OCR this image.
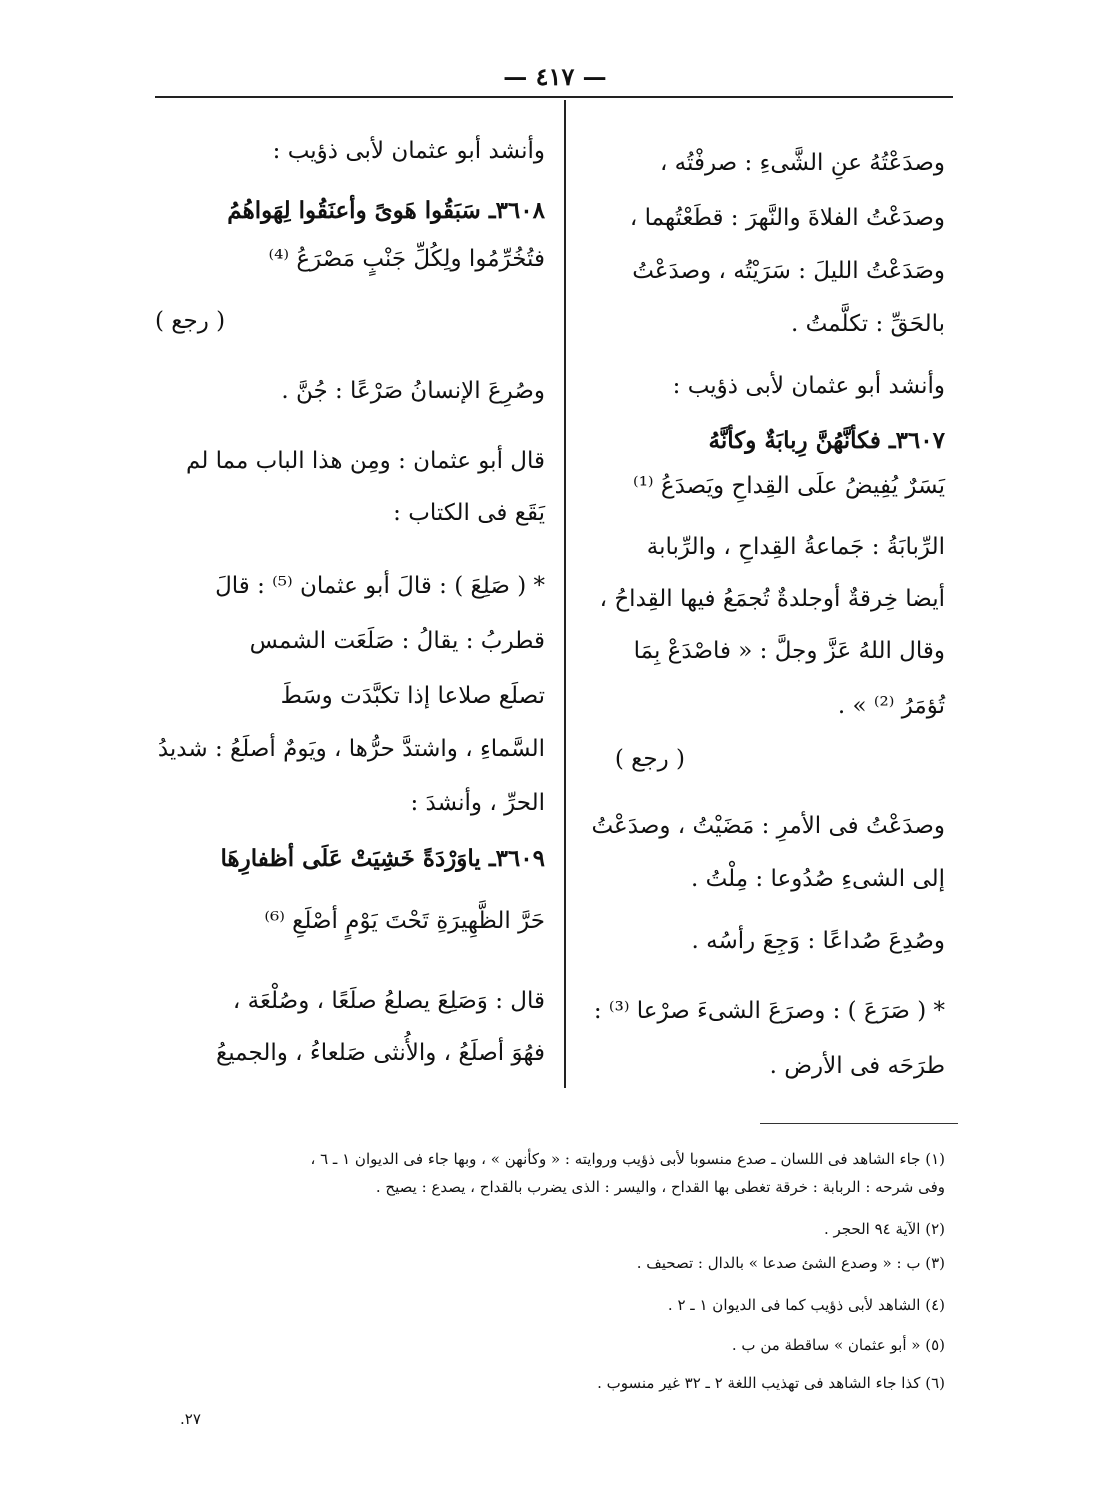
— ٤١٧ —
وصدَعْتُهُ عنِ الشَّىءِ : صرفْتُه ،
وصدَعْتُ الفلاةَ والنَّهرَ : قطَعْتُهما ،
وصَدَعْتُ الليلَ : سَرَيْتُه ، وصدَعْتُ
بالحَقِّ : تكلَّمتُ .
وأنشد أبو عثمان لأبى ذؤيب :
٣٦٠٧ـ فكأنَّهُنَّ رِبابَةٌ وكأنَّهُ
يَسَرٌ يُفِيضُ علَى القِداحِ ويَصدَعُ ⁽¹⁾
الرِّبابَةُ : جَماعةُ القِداحِ ، والرِّبابة
أيضا خِرقةٌ أوجلدةٌ تُجمَعُ فيها القِداحُ ،
وقال اللهُ عَزَّ وجلَّ : « فاصْدَعْ بِمَا
تُؤمَرُ ⁽²⁾ » .
( رجع )
وصدَعْتُ فى الأمرِ : مَضَيْتُ ، وصدَعْتُ
إلى الشىءِ صُدُوعا : مِلْتُ .
وصُدِعَ صُداعًا : وَجِعَ رأسُه .
* ( صَرَعَ ) : وصرَعَ الشىءَ صرْعا ⁽³⁾ :
طرَحَه فى الأرض .
وأنشد أبو عثمان لأبى ذؤيب :
٣٦٠٨ـ سَبَقُوا هَوىً وأعنَقُوا لِهَواهُمُ
فتُخُرِّمُوا ولِكُلِّ جَنْبٍ مَصْرَعُ ⁽⁴⁾
( رجع )
وصُرِعَ الإنسانُ صَرْعًا : جُنَّ .
قال أبو عثمان : ومِن هذا الباب مما لم
يَقَع فى الكتاب :
* ( صَلِعَ ) : قالَ أبو عثمان ⁽⁵⁾ : قالَ
قطربُ : يقالُ : صَلَعَت الشمس
تصلَع صلاعا إذا تكبَّدَت وسَطَ
السَّماءِ ، واشتدَّ حرُّها ، ويَومٌ أصلَعُ : شديدُ
الحرِّ ، وأنشدَ :
٣٦٠٩ـ ياوَرْدَةً خَشِيَتْ عَلَى أظفارِهَا
حَرَّ الظَّهِيرَةِ تَحْتَ يَوْمٍ أصْلَعِ ⁽⁶⁾
قال : وَصَلِعَ يصلعُ صلَعًا ، وصُلْعَة ،
فهُوَ أصلَعُ ، والأُنثى صَلعاءُ ، والجميعُ
(١) جاء الشاهد فى اللسان ـ صدع منسوبا لأبى ذؤيب وروايته : « وكأنهن » ، وبها جاء فى الديوان ١ ـ ٦ ،
وفى شرحه : الربابة : خرقة تغطى بها القداح ، واليسر : الذى يضرب بالقداح ، يصدع : يصيح .
(٢) الآية ٩٤ الحجر .
(٣) ب : « وصدع الشئ صدعا » بالدال : تصحيف .
(٤) الشاهد لأبى ذؤيب كما فى الديوان ١ ـ ٢ .
(٥) « أبو عثمان » ساقطة من ب .
(٦) كذا جاء الشاهد فى تهذيب اللغة ٢ ـ ٣٢ غير منسوب .
٢٧.
